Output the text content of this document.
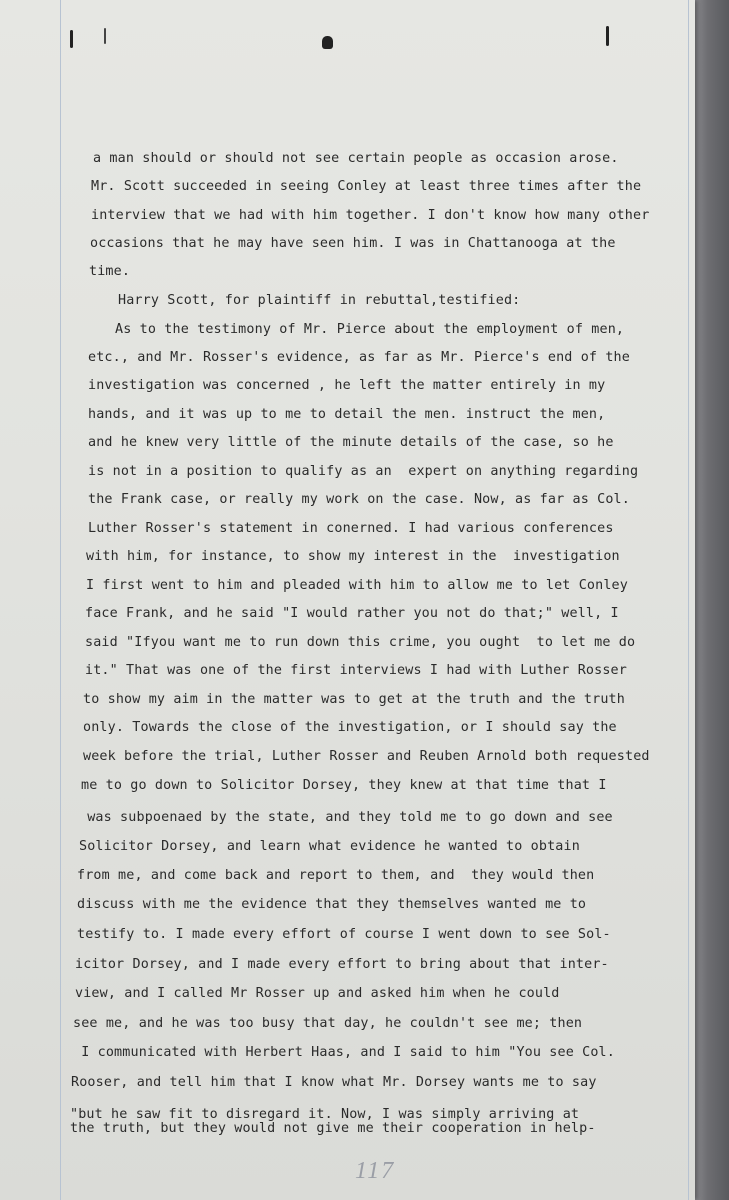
a man should or should not see certain people as occasion arose.
Mr. Scott succeeded in seeing Conley at least three times after the
interview that we had with him together. I don't know how many other
occasions that he may have seen him. I was in Chattanooga at the
time.
Harry Scott, for plaintiff in rebuttal,testified:
As to the testimony of Mr. Pierce about the employment of men,
etc., and Mr. Rosser's evidence, as far as Mr. Pierce's end of the
investigation was concerned , he left the matter entirely in my
hands, and it was up to me to detail the men. instruct the men,
and he knew very little of the minute details of the case, so he
is not in a position to qualify as an  expert on anything regarding
the Frank case, or really my work on the case. Now, as far as Col.
Luther Rosser's statement in conerned. I had various conferences
with him, for instance, to show my interest in the  investigation
I first went to him and pleaded with him to allow me to let Conley
face Frank, and he said "I would rather you not do that;" well, I
said "Ifyou want me to run down this crime, you ought  to let me do
it." That was one of the first interviews I had with Luther Rosser
to show my aim in the matter was to get at the truth and the truth
only. Towards the close of the investigation, or I should say the
week before the trial, Luther Rosser and Reuben Arnold both requested
me to go down to Solicitor Dorsey, they knew at that time that I
was subpoenaed by the state, and they told me to go down and see
Solicitor Dorsey, and learn what evidence he wanted to obtain
from me, and come back and report to them, and  they would then
discuss with me the evidence that they themselves wanted me to
testify to. I made every effort of course I went down to see Sol-
icitor Dorsey, and I made every effort to bring about that inter-
view, and I called Mr Rosser up and asked him when he could
see me, and he was too busy that day, he couldn't see me; then
I communicated with Herbert Haas, and I said to him "You see Col.
Rooser, and tell him that I know what Mr. Dorsey wants me to say
"but he saw fit to disregard it. Now, I was simply arriving at
the truth, but they would not give me their cooperation in help-
117
